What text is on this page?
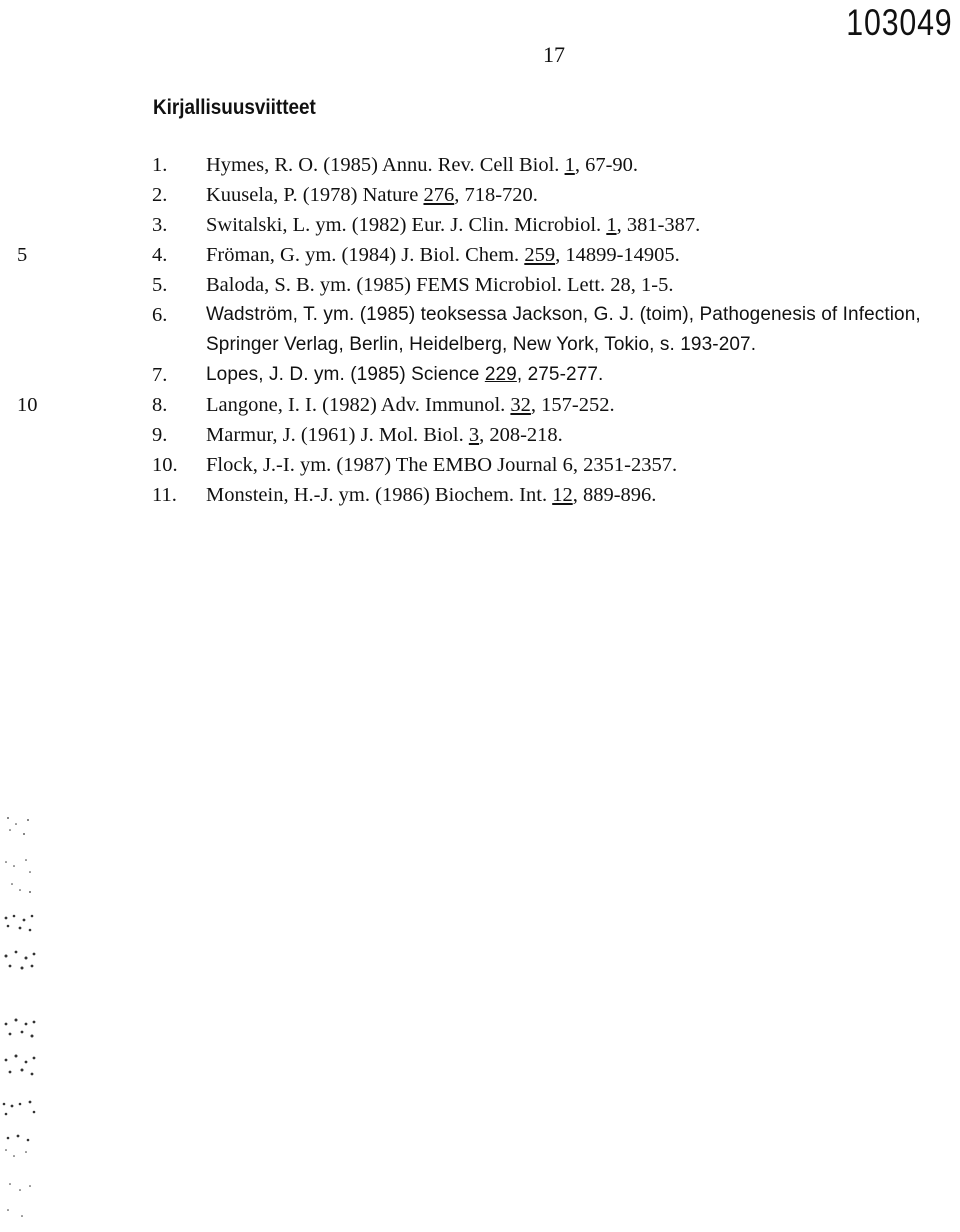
103049
17
Kirjallisuusviitteet
1. Hymes, R. O. (1985) Annu. Rev. Cell Biol. 1, 67-90.
2. Kuusela, P. (1978) Nature 276, 718-720.
3. Switalski, L. ym. (1982) Eur. J. Clin. Microbiol. 1, 381-387.
5	4. Fröman, G. ym. (1984) J. Biol. Chem. 259, 14899-14905.
5. Baloda, S. B. ym. (1985) FEMS Microbiol. Lett. 28, 1-5.
6. Wadström, T. ym. (1985) teoksessa Jackson, G. J. (toim), Pathogenesis of Infection, Springer Verlag, Berlin, Heidelberg, New York, Tokio, s. 193-207.
7. Lopes, J. D. ym. (1985) Science 229, 275-277.
10	8. Langone, I. I. (1982) Adv. Immunol. 32, 157-252.
9. Marmur, J. (1961) J. Mol. Biol. 3, 208-218.
10. Flock, J.-I. ym. (1987) The EMBO Journal 6, 2351-2357.
11. Monstein, H.-J. ym. (1986) Biochem. Int. 12, 889-896.
